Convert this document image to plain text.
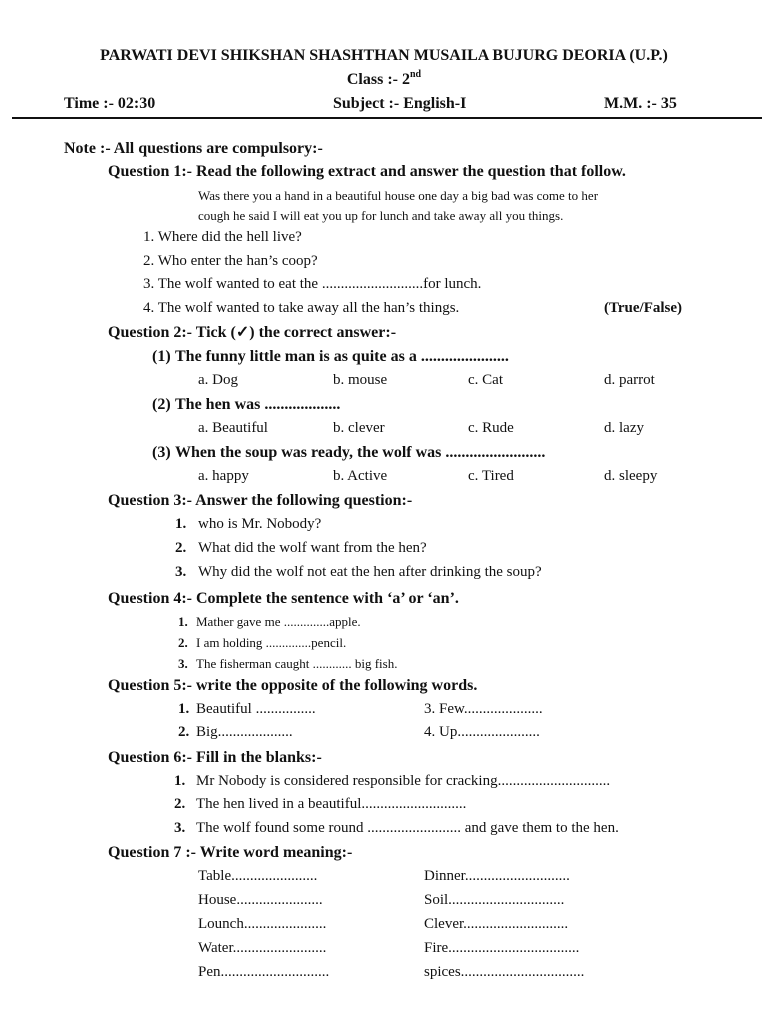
PARWATI DEVI SHIKSHAN SHASHTHAN MUSAILA BUJURG DEORIA (U.P.)
Class :- 2nd
Time :- 02:30	Subject :- English-I	M.M. :- 35
Note :- All questions are compulsory:-
Question 1:- Read the following extract and answer the question that follow.
Was there you a hand in a beautiful house one day a big bad was come to her
cough he said I will eat you up for lunch and take away all you things.
1. Where did the hell live?
2. Who enter the han’s coop?
3. The wolf wanted to eat the ...........................for lunch.
4. The wolf wanted to take away all the han’s things.	(True/False)
Question 2:- Tick (✓) the correct answer:-
(1) The funny little man is as quite as a ......................
a. Dog	b. mouse	c. Cat	d. parrot
(2) The hen was ...................
a. Beautiful	b. clever	c. Rude	d. lazy
(3) When the soup was ready, the wolf was .........................
a. happy	b. Active	c. Tired	d. sleepy
Question 3:- Answer the following question:-
1. who is Mr. Nobody?
2. What did the wolf want from the hen?
3. Why did the wolf not eat the hen after drinking the soup?
Question 4:- Complete the sentence with ‘a’ or ‘an’.
1. Mather gave me ..............apple.
2. I am holding ..............pencil.
3. The fisherman caught ............ big fish.
Question 5:- write the opposite of the following words.
1. Beautiful ................	3. Few.....................
2. Big....................	4. Up......................
Question 6:- Fill in the blanks:-
1. Mr Nobody is considered responsible for cracking..............................
2. The hen lived in a beautiful............................
3. The wolf found some round ......................... and gave them to the hen.
Question 7 :- Write word meaning:-
Table.......................	Dinner............................
House.......................	Soil...............................
Lounch......................	Clever............................
Water.........................	Fire...................................
Pen.............................	spices.................................
